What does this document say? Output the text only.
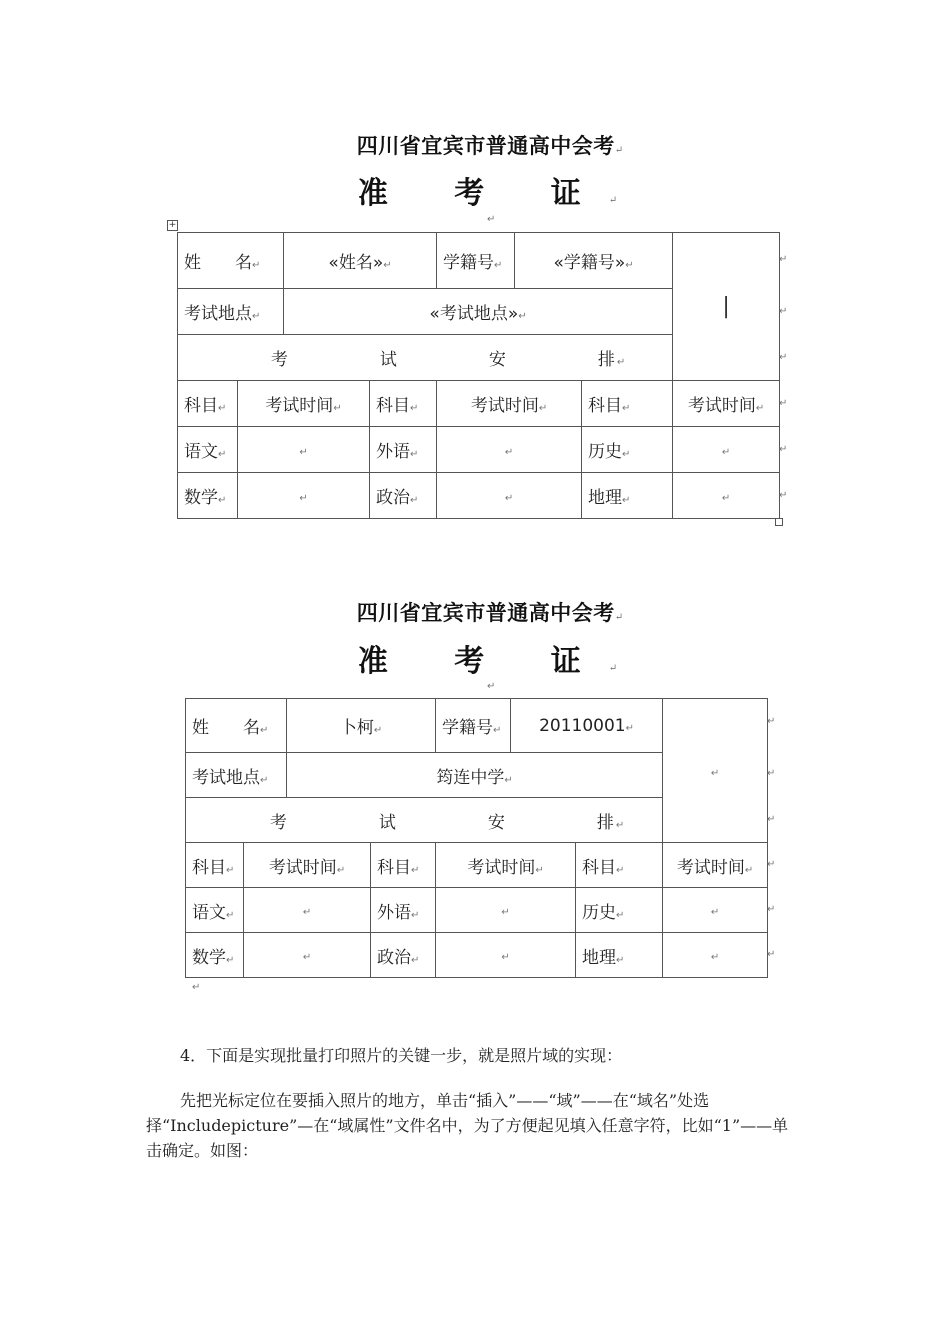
四川省宜宾市普通高中会考↵
准 考 证↵
↵
+
姓　　名↵		«姓名»↵		学籍号↵	«学籍号»↵		|
考试地点↵		«考试地点»↵					
考 试 安 排 ↵							
科目↵	考试时间↵		科目↵	考试时间↵		科目↵	考试时间↵
语文↵	↵		外语↵	↵		历史↵	↵
数学↵	↵		政治↵	↵		地理↵	↵
↵
↵
↵
↵
↵
↵
四川省宜宾市普通高中会考↵
准 考 证↵
↵
姓　　名↵		卜柯↵		学籍号↵	20110001↵		↵
考试地点↵		筠连中学↵					
考 试 安 排 ↵							
科目↵	考试时间↵		科目↵	考试时间↵		科目↵	考试时间↵
语文↵	↵		外语↵	↵		历史↵	↵
数学↵	↵		政治↵	↵		地理↵	↵
↵
↵
↵
↵
↵
↵
↵
4．下面是实现批量打印照片的关键一步，就是照片域的实现：
先把光标定位在要插入照片的地方，单击“插入”——“域”——在“域名”处选择“Includepicture”—在“域属性”文件名中，为了方便起见填入任意字符，比如“1”——单击确定。如图：
